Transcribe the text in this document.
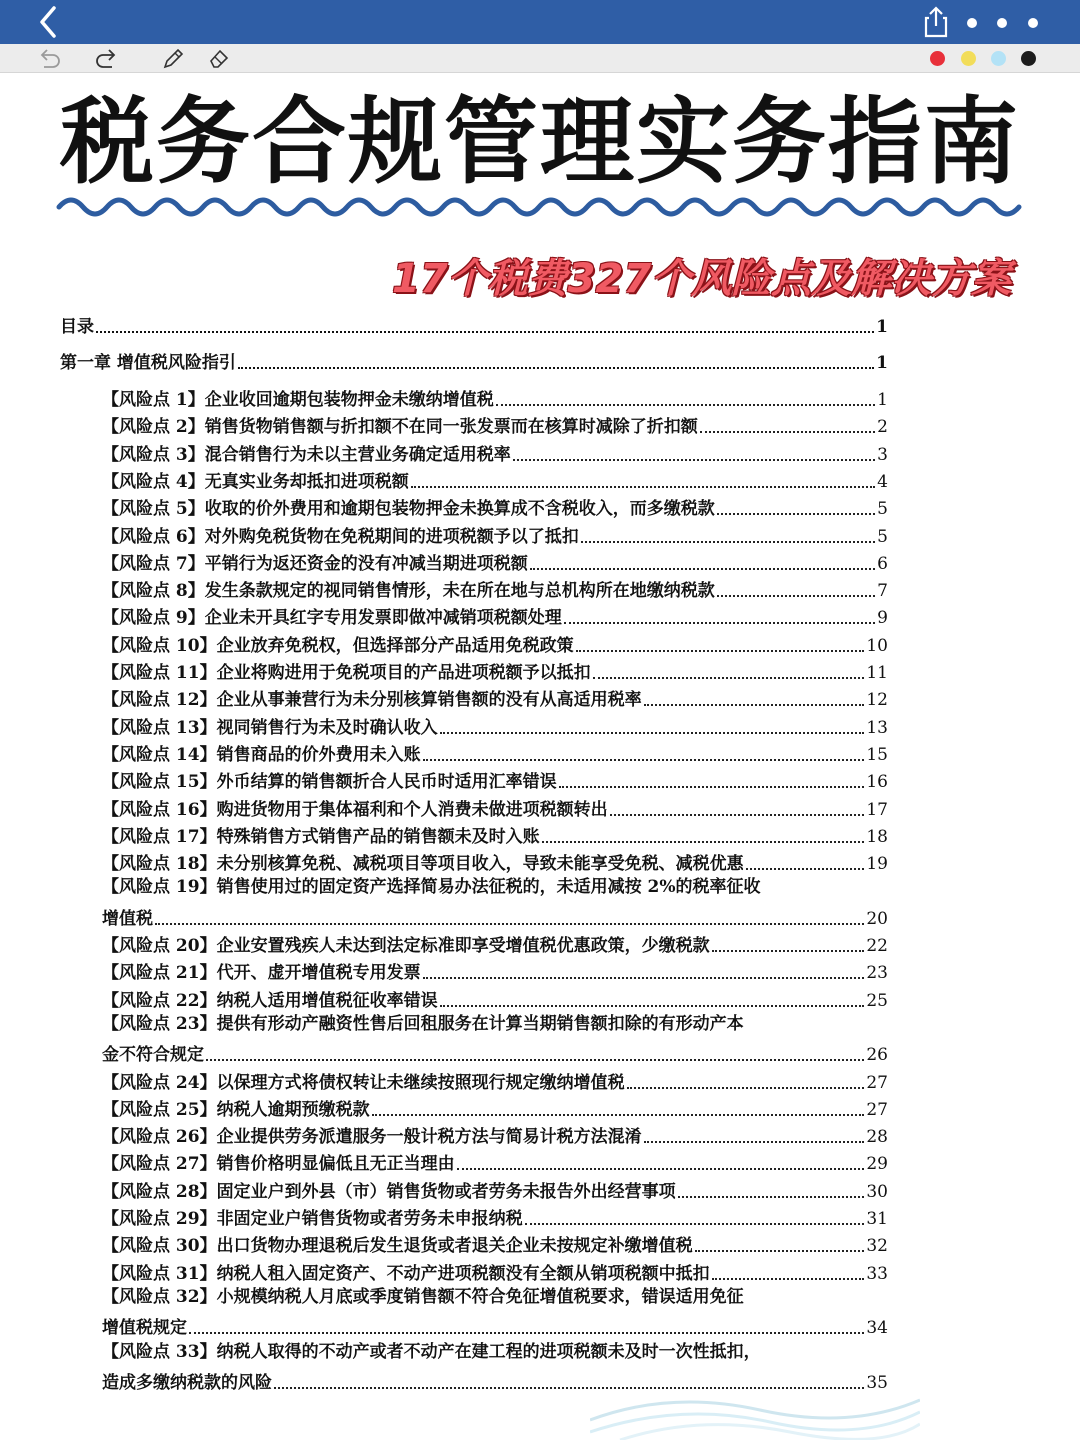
税务合规管理实务指南
17个税费327个风险点及解决方案
目录	1
第一章 增值税风险指引	1
【风险点 1】企业收回逾期包装物押金未缴纳增值税	1
【风险点 2】销售货物销售额与折扣额不在同一张发票而在核算时减除了折扣额	2
【风险点 3】混合销售行为未以主营业务确定适用税率	3
【风险点 4】无真实业务却抵扣进项税额	4
【风险点 5】收取的价外费用和逾期包装物押金未换算成不含税收入，而多缴税款	5
【风险点 6】对外购免税货物在免税期间的进项税额予以了抵扣	5
【风险点 7】平销行为返还资金的没有冲减当期进项税额	6
【风险点 8】发生条款规定的视同销售情形，未在所在地与总机构所在地缴纳税款	7
【风险点 9】企业未开具红字专用发票即做冲减销项税额处理	9
【风险点 10】企业放弃免税权，但选择部分产品适用免税政策	10
【风险点 11】企业将购进用于免税项目的产品进项税额予以抵扣	11
【风险点 12】企业从事兼营行为未分别核算销售额的没有从高适用税率	12
【风险点 13】视同销售行为未及时确认收入	13
【风险点 14】销售商品的价外费用未入账	15
【风险点 15】外币结算的销售额折合人民币时适用汇率错误	16
【风险点 16】购进货物用于集体福利和个人消费未做进项税额转出	17
【风险点 17】特殊销售方式销售产品的销售额未及时入账	18
【风险点 18】未分别核算免税、减税项目等项目收入，导致未能享受免税、减税优惠	19
【风险点 19】销售使用过的固定资产选择简易办法征税的，未适用减按 2%的税率征收
增值税	20
【风险点 20】企业安置残疾人未达到法定标准即享受增值税优惠政策，少缴税款	22
【风险点 21】代开、虚开增值税专用发票	23
【风险点 22】纳税人适用增值税征收率错误	25
【风险点 23】提供有形动产融资性售后回租服务在计算当期销售额扣除的有形动产本
金不符合规定	26
【风险点 24】以保理方式将债权转让未继续按照现行规定缴纳增值税	27
【风险点 25】纳税人逾期预缴税款	27
【风险点 26】企业提供劳务派遣服务一般计税方法与简易计税方法混淆	28
【风险点 27】销售价格明显偏低且无正当理由	29
【风险点 28】固定业户到外县（市）销售货物或者劳务未报告外出经营事项	30
【风险点 29】非固定业户销售货物或者劳务未申报纳税	31
【风险点 30】出口货物办理退税后发生退货或者退关企业未按规定补缴增值税	32
【风险点 31】纳税人租入固定资产、不动产进项税额没有全额从销项税额中抵扣	33
【风险点 32】小规模纳税人月底或季度销售额不符合免征增值税要求，错误适用免征
增值税规定	34
【风险点 33】纳税人取得的不动产或者不动产在建工程的进项税额未及时一次性抵扣，
造成多缴纳税款的风险	35
